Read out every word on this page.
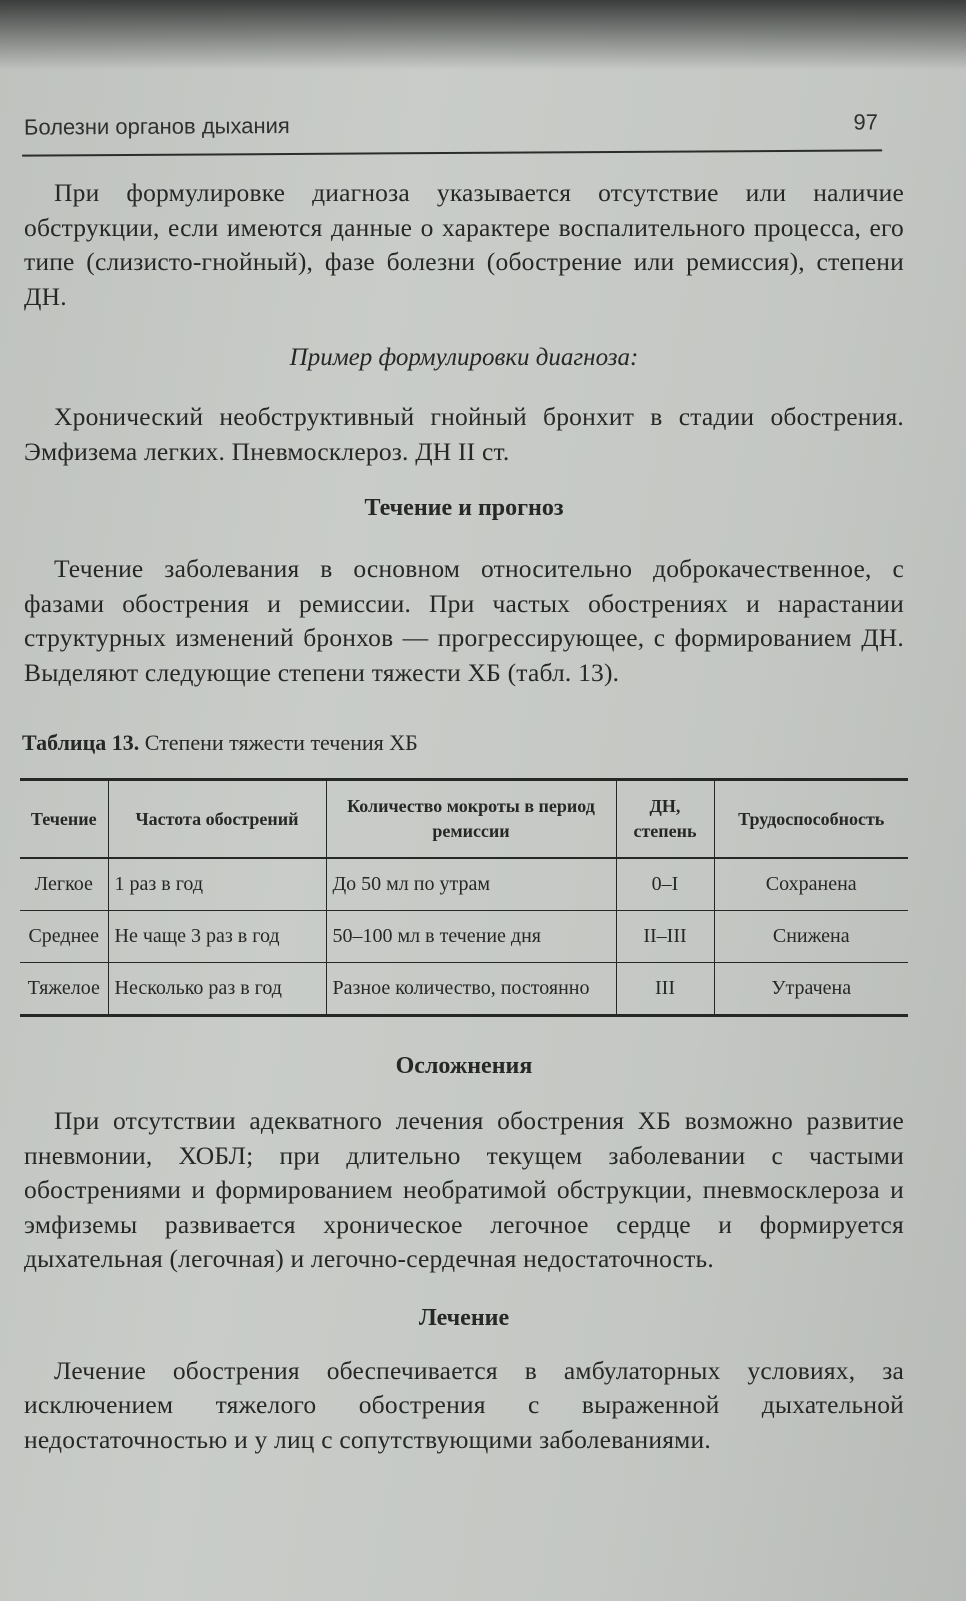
Болезни органов дыхания	97

При формулировке диагноза указывается отсутствие или наличие обструкции, если имеются данные о характере воспалительного процесса, его типе (слизисто-гнойный), фазе болезни (обострение или ремиссия), степени ДН.

Пример формулировки диагноза:

Хронический необструктивный гнойный бронхит в стадии обострения. Эмфизема легких. Пневмосклероз. ДН II ст.

Течение и прогноз

Течение заболевания в основном относительно доброкачественное, с фазами обострения и ремиссии. При частых обострениях и нарастании структурных изменений бронхов — прогрессирующее, с формированием ДН. Выделяют следующие степени тяжести ХБ (табл. 13).

Таблица 13. Степени тяжести течения ХБ
Течение	Частота обострений	Количество мокроты в период ремиссии	ДН, степень	Трудоспособность
Легкое	1 раз в год	До 50 мл по утрам	0–I	Сохранена
Среднее	Не чаще 3 раз в год	50–100 мл в течение дня	II–III	Снижена
Тяжелое	Несколько раз в год	Разное количество, постоянно	III	Утрачена
Осложнения

При отсутствии адекватного лечения обострения ХБ возможно развитие пневмонии, ХОБЛ; при длительно текущем заболевании с частыми обострениями и формированием необратимой обструкции, пневмосклероза и эмфиземы развивается хроническое легочное сердце и формируется дыхательная (легочная) и легочно-сердечная недостаточность.

Лечение

Лечение обострения обеспечивается в амбулаторных условиях, за исключением тяжелого обострения с выраженной дыхательной недостаточностью и у лиц с сопутствующими заболеваниями.
